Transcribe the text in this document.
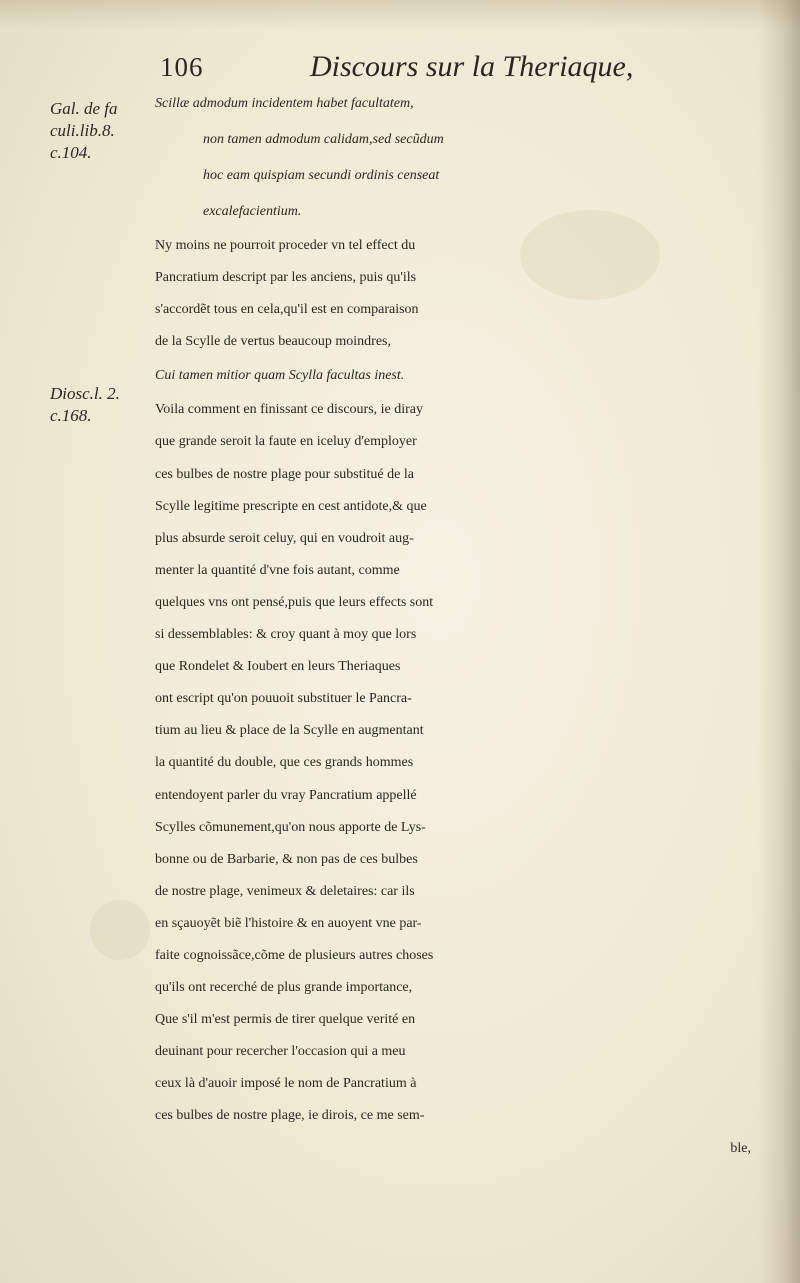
106	Discours sur la Theriaque,
Gal. de fa
culi.lib.8.
c.104.
Diosc.l. 2.
c.168.
Scillæ admodum incidentem habet facultatem,
non tamen admodum calidam,sed secũdum
hoc eam quispiam secundi ordinis censeat
excalefacientium.
Ny moins ne pourroit proceder vn tel effect du
Pancratium descript par les anciens, puis qu'ils
s'accordẽt tous en cela,qu'il est en comparaison
de la Scylle de vertus beaucoup moindres,
Cui tamen mitior quam Scylla facultas inest.
Voila comment en finissant ce discours, ie diray
que grande seroit la faute en iceluy d'employer
ces bulbes de nostre plage pour substitué de la
Scylle legitime prescripte en cest antidote,& que
plus absurde seroit celuy, qui en voudroit aug-
menter la quantité d'vne fois autant, comme
quelques vns ont pensé,puis que leurs effects sont
si dessemblables: & croy quant à moy que lors
que Rondelet & Ioubert en leurs Theriaques
ont escript qu'on pouuoit substituer le Pancra-
tium au lieu & place de la Scylle en augmentant
la quantité du double, que ces grands hommes
entendoyent parler du vray Pancratium appellé
Scylles cõmunement,qu'on nous apporte de Lys-
bonne ou de Barbarie, & non pas de ces bulbes
de nostre plage, venimeux & deletaires: car ils
en sçauoyẽt biẽ l'histoire & en auoyent vne par-
faite cognoissãce,cõme de plusieurs autres choses
qu'ils ont recerché de plus grande importance,
Que s'il m'est permis de tirer quelque verité en
deuinant pour recercher l'occasion qui a meu
ceux là d'auoir imposé le nom de Pancratium à
ces bulbes de nostre plage, ie dirois, ce me sem-
ble,
